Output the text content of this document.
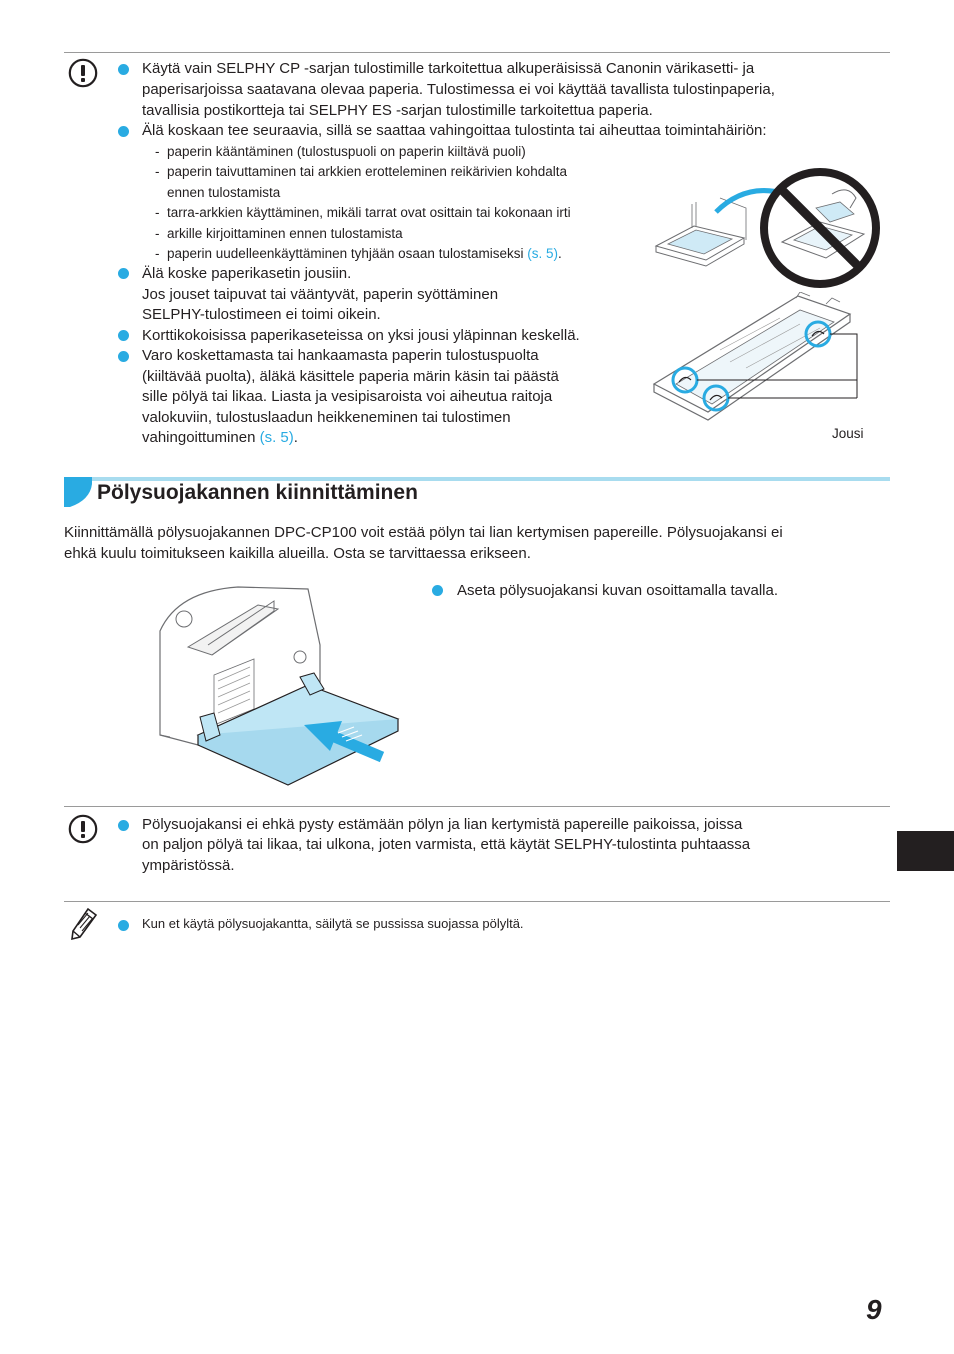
Käytä vain SELPHY CP -sarjan tulostimille tarkoitettua alkuperäisissä Canonin värikasetti- ja
paperisarjoissa saatavana olevaa paperia. Tulostimessa ei voi käyttää tavallista tulostinpaperia,
tavallisia postikortteja tai SELPHY ES -sarjan tulostimille tarkoitettua paperia.
Älä koskaan tee seuraavia, sillä se saattaa vahingoittaa tulostinta tai aiheuttaa toimintahäiriön:
- paperin kääntäminen (tulostuspuoli on paperin kiiltävä puoli)
- paperin taivuttaminen tai arkkien erotteleminen reikärivien kohdalta
ennen tulostamista
- tarra-arkkien käyttäminen, mikäli tarrat ovat osittain tai kokonaan irti
- arkille kirjoittaminen ennen tulostamista
- paperin uudelleenkäyttäminen tyhjään osaan tulostamiseksi (s. 5).
Älä koske paperikasetin jousiin.
Jos jouset taipuvat tai vääntyvät, paperin syöttäminen
SELPHY-tulostimeen ei toimi oikein.
Korttikokoisissa paperikaseteissa on yksi jousi yläpinnan keskellä.
Varo koskettamasta tai hankaamasta paperin tulostuspuolta
(kiiltävää puolta), äläkä käsittele paperia märin käsin tai päästä
sille pölyä tai likaa. Liasta ja vesipisaroista voi aiheutua raitoja
valokuviin, tulostuslaadun heikkeneminen tai tulostimen
vahingoittuminen (s. 5).	Jousi
Pölysuojakannen kiinnittäminen
Kiinnittämällä pölysuojakannen DPC-CP100 voit estää pölyn tai lian kertymisen papereille. Pölysuojakansi ei
ehkä kuulu toimitukseen kaikilla alueilla. Osta se tarvittaessa erikseen.
Aseta pölysuojakansi kuvan osoittamalla tavalla.
Pölysuojakansi ei ehkä pysty estämään pölyn ja lian kertymistä papereille paikoissa, joissa
on paljon pölyä tai likaa, tai ulkona, joten varmista, että käytät SELPHY-tulostinta puhtaassa
ympäristössä.
Kun et käytä pölysuojakantta, säilytä se pussissa suojassa pölyltä.
9
